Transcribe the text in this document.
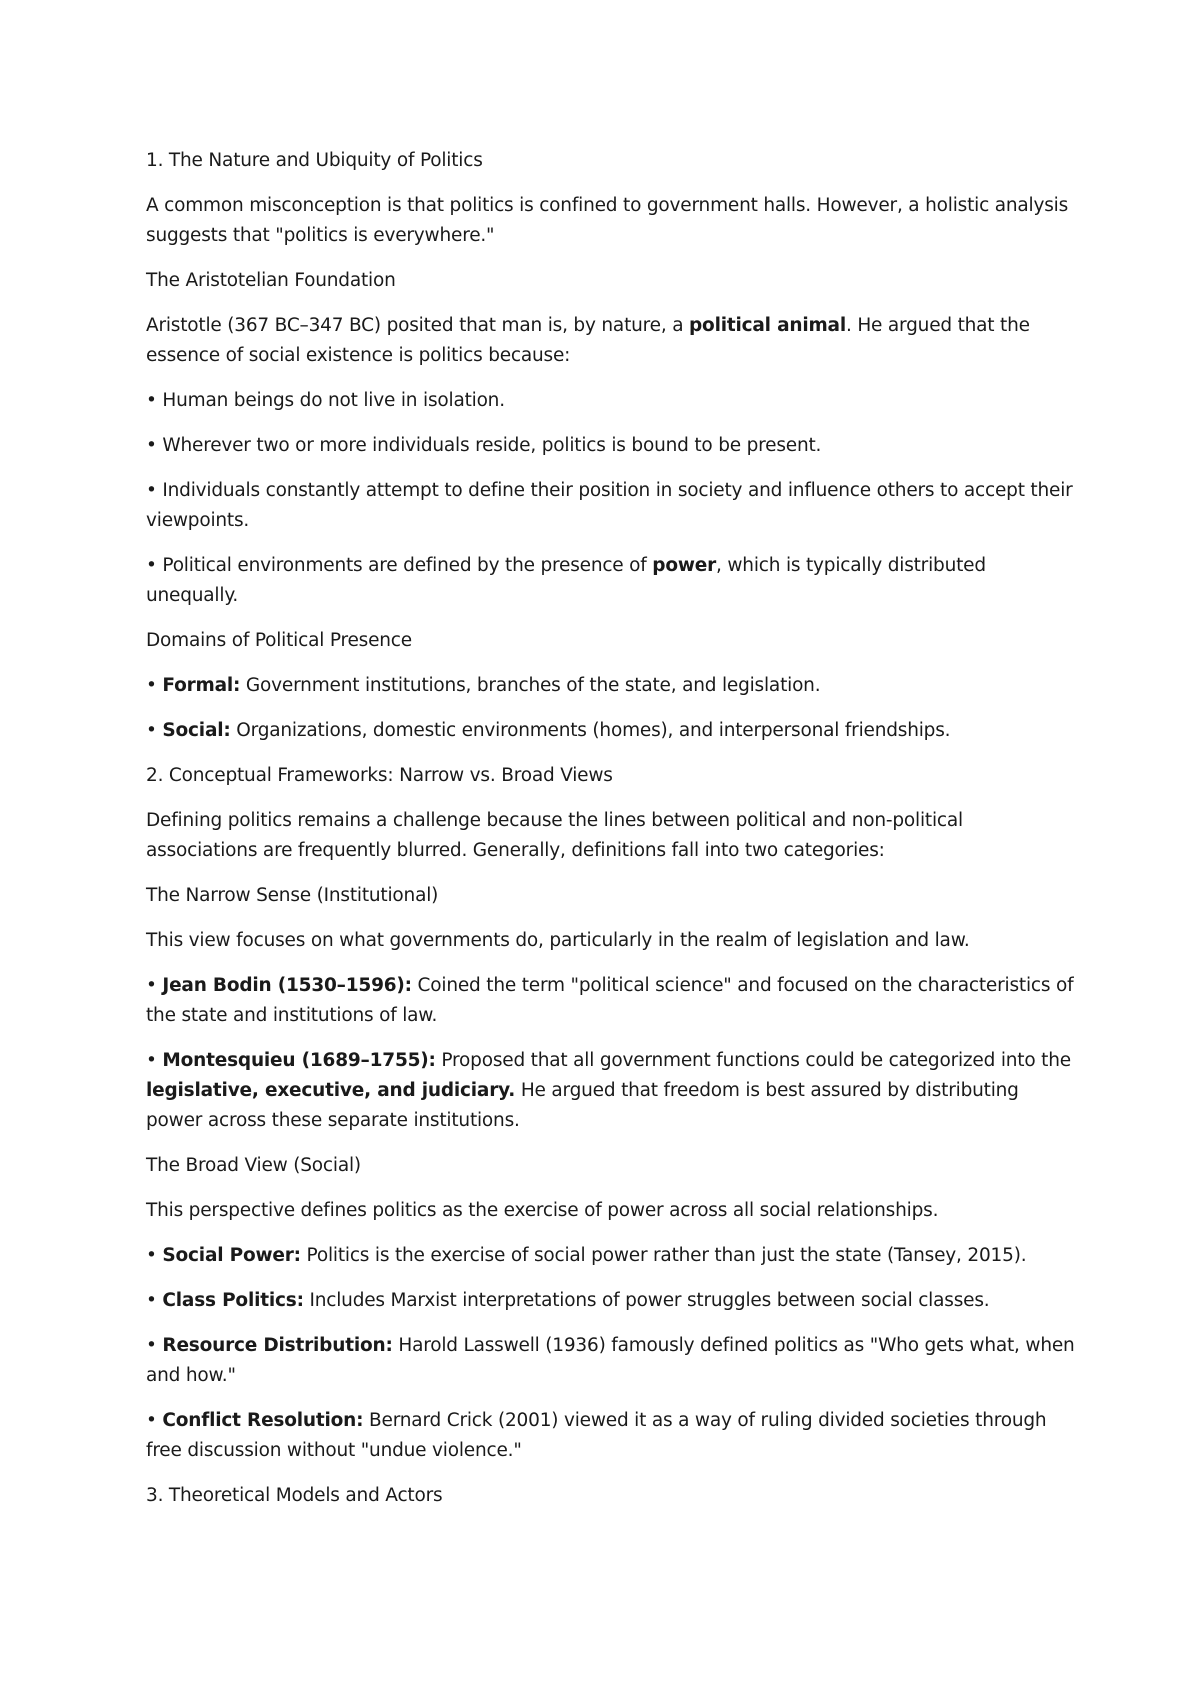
1. The Nature and Ubiquity of Politics

A common misconception is that politics is confined to government halls. However, a holistic analysis suggests that "politics is everywhere."

The Aristotelian Foundation

Aristotle (367 BC–347 BC) posited that man is, by nature, a political animal. He argued that the essence of social existence is politics because:

• Human beings do not live in isolation.

• Wherever two or more individuals reside, politics is bound to be present.

• Individuals constantly attempt to define their position in society and influence others to accept their viewpoints.

• Political environments are defined by the presence of power, which is typically distributed unequally.

Domains of Political Presence

• Formal: Government institutions, branches of the state, and legislation.

• Social: Organizations, domestic environments (homes), and interpersonal friendships.

2. Conceptual Frameworks: Narrow vs. Broad Views

Defining politics remains a challenge because the lines between political and non-political associations are frequently blurred. Generally, definitions fall into two categories:

The Narrow Sense (Institutional)

This view focuses on what governments do, particularly in the realm of legislation and law.

• Jean Bodin (1530–1596): Coined the term "political science" and focused on the characteristics of the state and institutions of law.

• Montesquieu (1689–1755): Proposed that all government functions could be categorized into the legislative, executive, and judiciary. He argued that freedom is best assured by distributing power across these separate institutions.

The Broad View (Social)

This perspective defines politics as the exercise of power across all social relationships.

• Social Power: Politics is the exercise of social power rather than just the state (Tansey, 2015).

• Class Politics: Includes Marxist interpretations of power struggles between social classes.

• Resource Distribution: Harold Lasswell (1936) famously defined politics as "Who gets what, when and how."

• Conflict Resolution: Bernard Crick (2001) viewed it as a way of ruling divided societies through free discussion without "undue violence."

3. Theoretical Models and Actors
